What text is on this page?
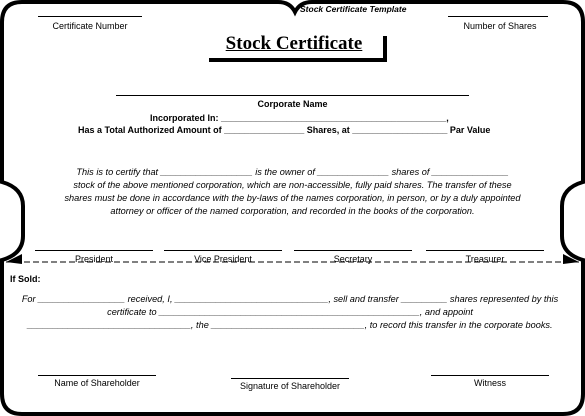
Stock Certificate Template
Certificate Number	Number of Shares
Stock Certificate
Corporate Name
Incorporated In: _____________________________________________,
Has a Total Authorized Amount of ________________ Shares, at ___________________ Par Value
This is to certify that __________________ is the owner of ______________ shares of _______________
stock of the above mentioned corporation, which are non-accessible, fully paid shares. The transfer of these
shares must be done in accordance with the by-laws of the names corporation, in person, or by a duly appointed
attorney or officer of the named corporation, and recorded in the books of the corporation.
President	Vice President	Secretary	Treasurer
If Sold:
For _________________ received, I, ______________________________, sell and transfer _________ shares represented by this
certificate to ___________________________________________________, and appoint
________________________________, the ______________________________, to record this transfer in the corporate books.
Name of Shareholder	Signature of Shareholder	Witness
